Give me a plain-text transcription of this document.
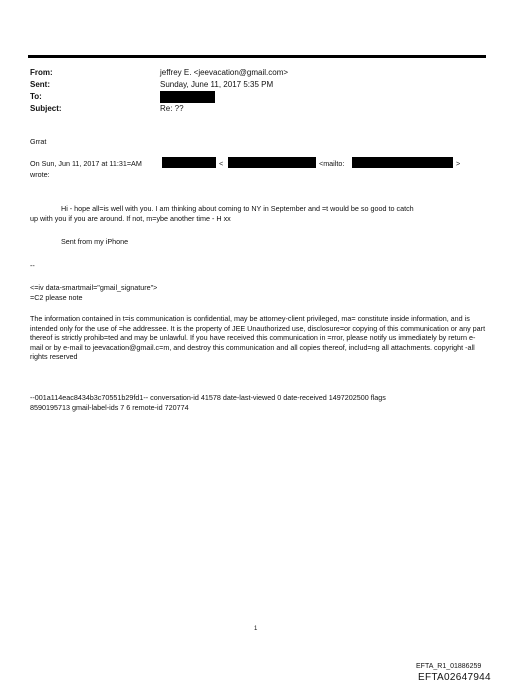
From:	jeffrey E. <jeevacation@gmail.com>
Sent:	Sunday, June 11, 2017 5:35 PM
To:
Subject:	Re: ??
Grrat
On Sun, Jun 11, 2017 at 11:31=AM	<	<mailto:	>
wrote:
Hi - hope all=is well with you. I am thinking about coming to NY in September and =t would be so good to catch
up with you if you are around. If not, m=ybe another time - H xx
Sent from my iPhone
--
<=iv data-smartmail="gmail_signature">
=C2 please note
The information contained in t=is communication is confidential, may be attorney-client privileged, ma= constitute inside information, and is intended only for the use of =he addressee. It is the property of JEE Unauthorized use, disclosure=or copying of this communication or any part thereof is strictly prohib=ted and may be unlawful. If you have received this communication in =rror, please notify us immediately by return e-mail or by e-mail to jeevacation@gmail.c=m, and destroy this communication and all copies thereof, includ=ng all attachments. copyright -all rights reserved
--001a114eac8434b3c70551b29fd1-- conversation-id 41578 date-last-viewed 0 date-received 1497202500 flags
8590195713 gmail-label-ids 7 6 remote-id 720774
1
EFTA_R1_01886259
EFTA02647944
